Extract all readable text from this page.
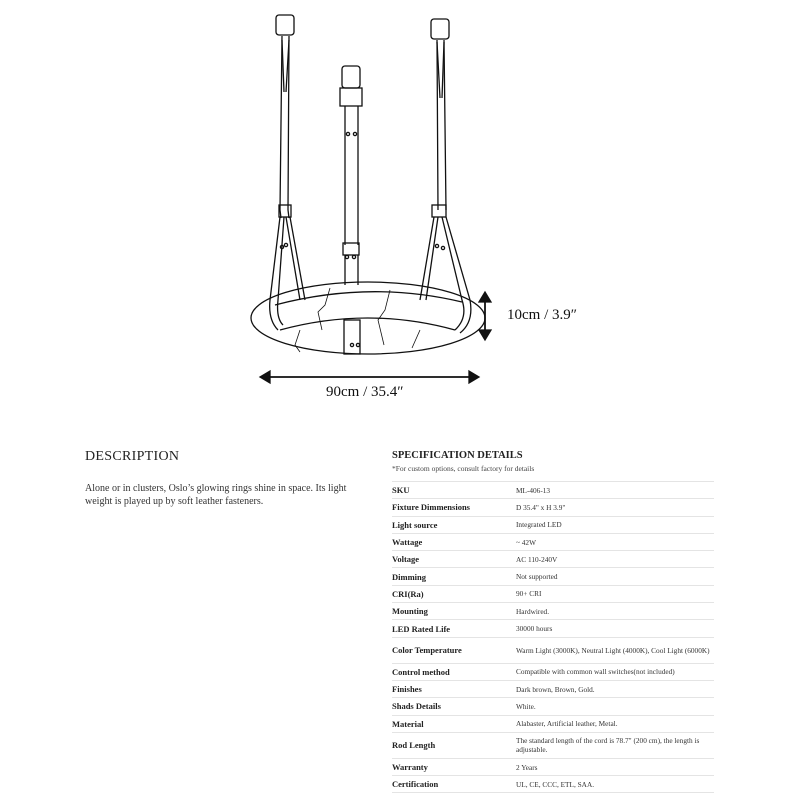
10cm / 3.9″
90cm / 35.4″
DESCRIPTION
Alone or in clusters, Oslo’s glowing rings shine in space. Its light weight is played up by soft leather fasteners.
SPECIFICATION DETAILS
*For custom options, consult factory for details
SKU	ML-406-13
Fixture Dimmensions	D 35.4" x H 3.9"
Light source	Integrated LED
Wattage	~ 42W
Voltage	AC 110-240V
Dimming	Not supported
CRI(Ra)	90+ CRI
Mounting	Hardwired.
LED Rated Life	30000 hours
Color Temperature	Warm Light (3000K), Neutral Light (4000K), Cool Light (6000K)
Control method	Compatible with common wall switches(not included)
Finishes	Dark brown, Brown, Gold.
Shads Details	White.
Material	Alabaster, Artificial leather, Metal.
Rod Length	The standard length of the cord is 78.7" (200 cm), the length is adjustable.
Warranty	2 Years
Certification	UL, CE, CCC, ETL, SAA.
